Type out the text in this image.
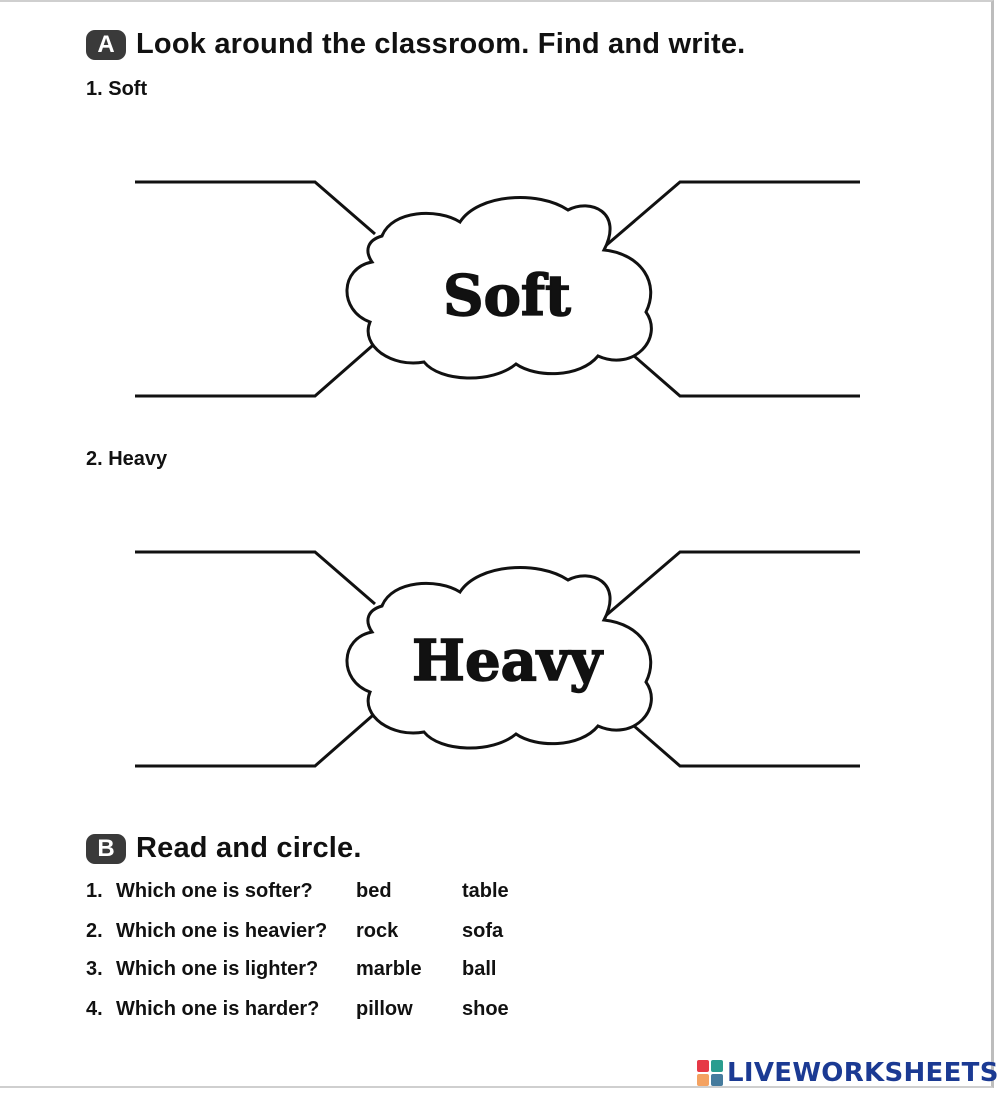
A Look around the classroom. Find and write.
1. Soft
Soft
2. Heavy
Heavy
B Read and circle.
1. Which one is softer?	bed	table
2. Which one is heavier?	rock	sofa
3. Which one is lighter?	marble	ball
4. Which one is harder?	pillow	shoe
LIVEWORKSHEETS
